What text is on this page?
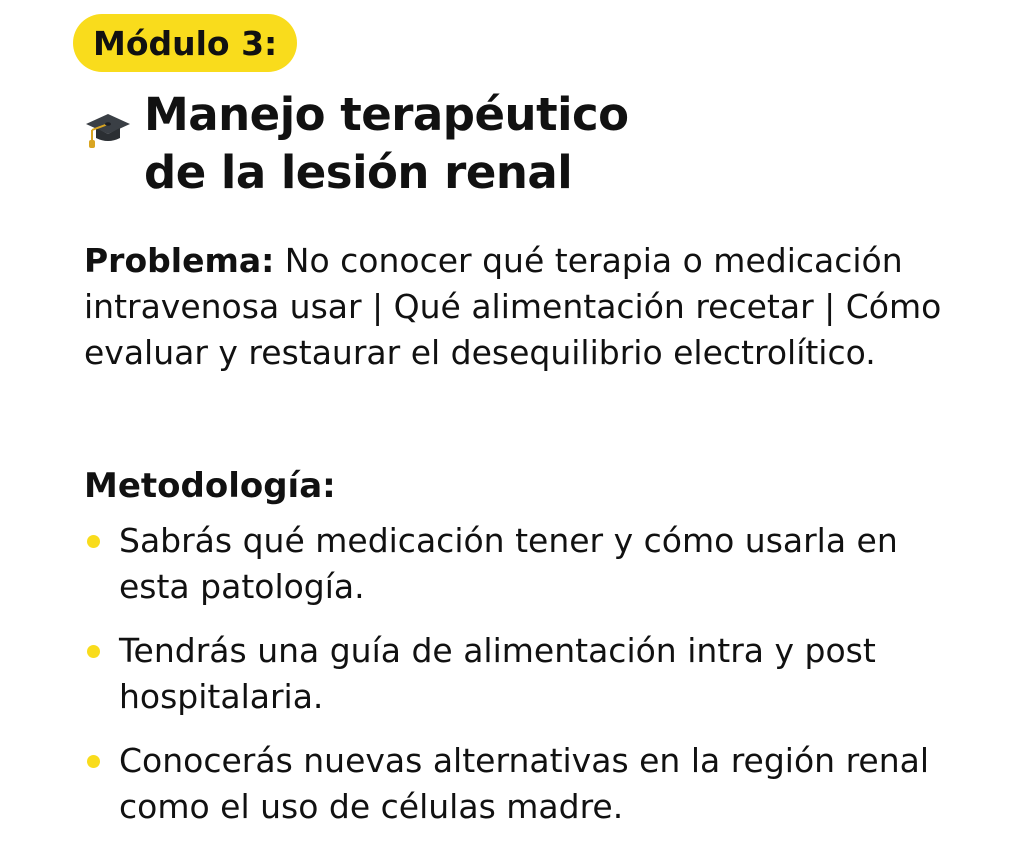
Módulo 3:
Manejo terapéutico
de la lesión renal

Problema: No conocer qué terapia o medicación intravenosa usar | Qué alimentación recetar | Cómo evaluar y restaurar el desequilibrio electrolítico.

Metodología:
Sabrás qué medicación tener y cómo usarla en esta patología.
Tendrás una guía de alimentación intra y post hospitalaria.
Conocerás nuevas alternativas en la región renal como el uso de células madre.
